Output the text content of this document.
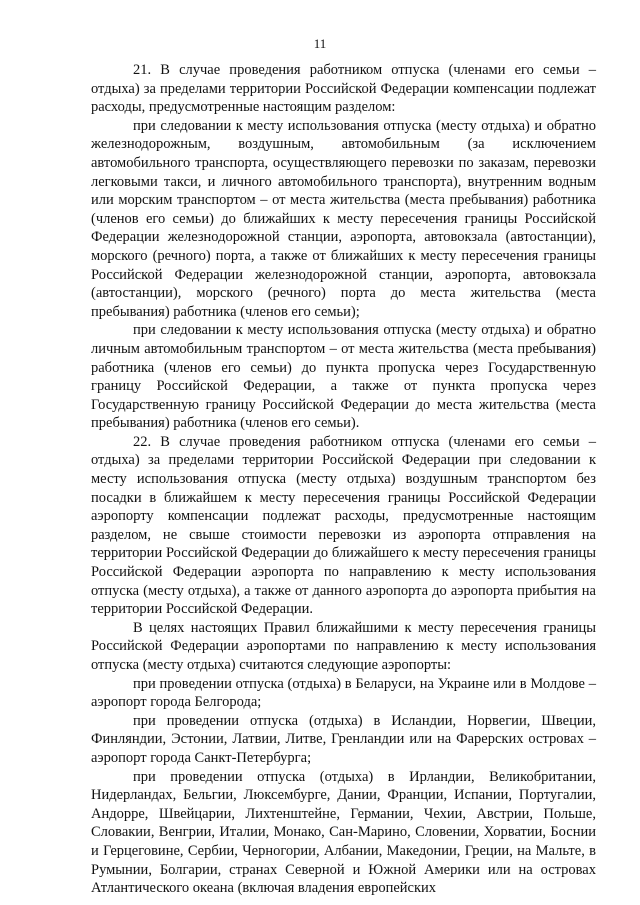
11

21. В случае проведения работником отпуска (членами его семьи – отдыха) за пределами территории Российской Федерации компенсации подлежат расходы, предусмотренные настоящим разделом:

при следовании к месту использования отпуска (месту отдыха) и обратно железнодорожным, воздушным, автомобильным (за исключением автомобильного транспорта, осуществляющего перевозки по заказам, перевозки легковыми такси, и личного автомобильного транспорта), внутренним водным или морским транспортом – от места жительства (места пребывания) работника (членов его семьи) до ближайших к месту пересечения границы Российской Федерации железнодорожной станции, аэропорта, автовокзала (автостанции), морского (речного) порта, а также от ближайших к месту пересечения границы Российской Федерации железнодорожной станции, аэропорта, автовокзала (автостанции), морского (речного) порта до места жительства (места пребывания) работника (членов его семьи);

при следовании к месту использования отпуска (месту отдыха) и обратно личным автомобильным транспортом – от места жительства (места пребывания) работника (членов его семьи) до пункта пропуска через Государственную границу Российской Федерации, а также от пункта пропуска через Государственную границу Российской Федерации до места жительства (места пребывания) работника (членов его семьи).

22. В случае проведения работником отпуска (членами его семьи – отдыха) за пределами территории Российской Федерации при следовании к месту использования отпуска (месту отдыха) воздушным транспортом без посадки в ближайшем к месту пересечения границы Российской Федерации аэропорту компенсации подлежат расходы, предусмотренные настоящим разделом, не свыше стоимости перевозки из аэропорта отправления на территории Российской Федерации до ближайшего к месту пересечения границы Российской Федерации аэропорта по направлению к месту использования отпуска (месту отдыха), а также от данного аэропорта до аэропорта прибытия на территории Российской Федерации.

В целях настоящих Правил ближайшими к месту пересечения границы Российской Федерации аэропортами по направлению к месту использования отпуска (месту отдыха) считаются следующие аэропорты:

при проведении отпуска (отдыха) в Беларуси, на Украине или в Молдове – аэропорт города Белгорода;

при проведении отпуска (отдыха) в Исландии, Норвегии, Швеции, Финляндии, Эстонии, Латвии, Литве, Гренландии или на Фарерских островах – аэропорт города Санкт-Петербурга;

при проведении отпуска (отдыха) в Ирландии, Великобритании, Нидерландах, Бельгии, Люксембурге, Дании, Франции, Испании, Португалии, Андорре, Швейцарии, Лихтенштейне, Германии, Чехии, Австрии, Польше, Словакии, Венгрии, Италии, Монако, Сан-Марино, Словении, Хорватии, Боснии и Герцеговине, Сербии, Черногории, Албании, Македонии, Греции, на Мальте, в Румынии, Болгарии, странах Северной и Южной Америки или на островах Атлантического океана (включая владения европейских
